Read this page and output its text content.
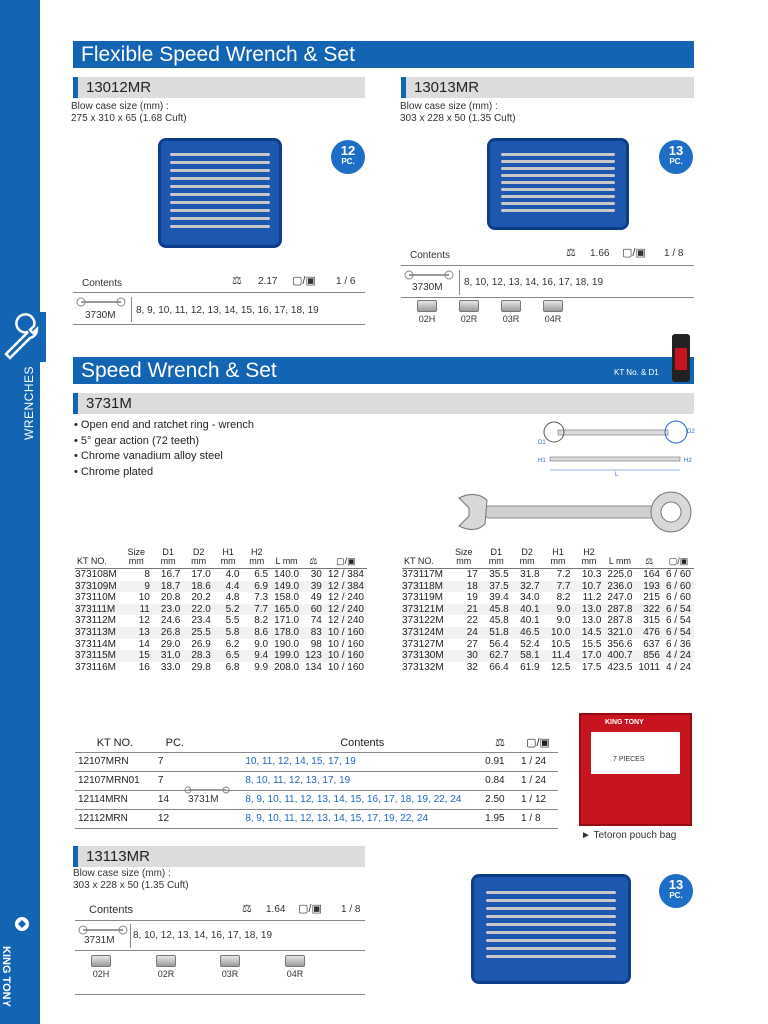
WRENCHES
KING TONY
320
Flexible Speed Wrench & Set
13012MR
Blow case size (mm) :
275 x 310 x 65 (1.68 Cuft)
12
PC.
Contents	⚖ 2.17 ▢/▣ 1 / 6
3730M 8, 9, 10, 11, 12, 13, 14, 15, 16, 17, 18, 19
13013MR
Blow case size (mm) :
303 x 228 x 50 (1.35 Cuft)
13
PC.
Contents	⚖ 1.66 ▢/▣ 1 / 8
3730M 8, 10, 12, 13, 14, 16, 17, 18, 19
02H	02R	03R	04R
Speed Wrench & Set	KT No. & D1
3731M
• Open end and ratchet ring - wrench
• 5° gear action (72 teeth)
• Chrome vanadium alloy steel
• Chrome plated
D1
D2
H1	H2
L
KT NO.	Size mm	D1 mm	D2 mm	H1 mm	H2 mm	L mm	⚖	▢/▣
373108M	8	16.7	17.0	4.0	6.5	140.0	30	12 / 384
373109M	9	18.7	18.6	4.4	6.9	149.0	39	12 / 384
373110M	10	20.8	20.2	4.8	7.3	158.0	49	12 / 240
373111M	11	23.0	22.0	5.2	7.7	165.0	60	12 / 240
373112M	12	24.6	23.4	5.5	8.2	171.0	74	12 / 240
373113M	13	26.8	25.5	5.8	8.6	178.0	83	10 / 160
373114M	14	29.0	26.9	6.2	9.0	190.0	98	10 / 160
373115M	15	31.0	28.3	6.5	9.4	199.0	123	10 / 160
373116M	16	33.0	29.8	6.8	9.9	208.0	134	10 / 160
KT NO.	Size mm	D1 mm	D2 mm	H1 mm	H2 mm	L mm	⚖	▢/▣
373117M	17	35.5	31.8	7.2	10.3	225.0	164	6 / 60
373118M	18	37.5	32.7	7.7	10.7	236.0	193	6 / 60
373119M	19	39.4	34.0	8.2	11.2	247.0	215	6 / 60
373121M	21	45.8	40.1	9.0	13.0	287.8	322	6 / 54
373122M	22	45.8	40.1	9.0	13.0	287.8	315	6 / 54
373124M	24	51.8	46.5	10.0	14.5	321.0	476	6 / 54
373127M	27	56.4	52.4	10.5	15.5	356.6	637	6 / 36
373130M	30	62.7	58.1	11.4	17.0	400.7	856	4 / 24
373132M	32	66.4	61.9	12.5	17.5	423.5	1011	4 / 24
KT NO.	PC.		Contents	⚖	▢/▣
12107MRN	7		10, 11, 12, 14, 15, 17, 19	0.91	1 / 24
12107MRN01	7		8, 10, 11, 12, 13, 17, 19	0.84	1 / 24
12114MRN	14		8, 9, 10, 11, 12, 13, 14, 15, 16, 17, 18, 19, 22, 24	2.50	1 / 12
12112MRN	12		8, 9, 10, 11, 12, 13, 14, 15, 17, 19, 22, 24	1.95	1 / 8
3731M
KING TONY
7 PIECES
► Tetoron pouch bag
13113MR
Blow case size (mm) :
303 x 228 x 50 (1.35 Cuft)	13
PC.
Contents	⚖ 1.64 ▢/▣ 1 / 8
3731M 8, 10, 12, 13, 14, 16, 17, 18, 19
02H	02R	03R	04R
